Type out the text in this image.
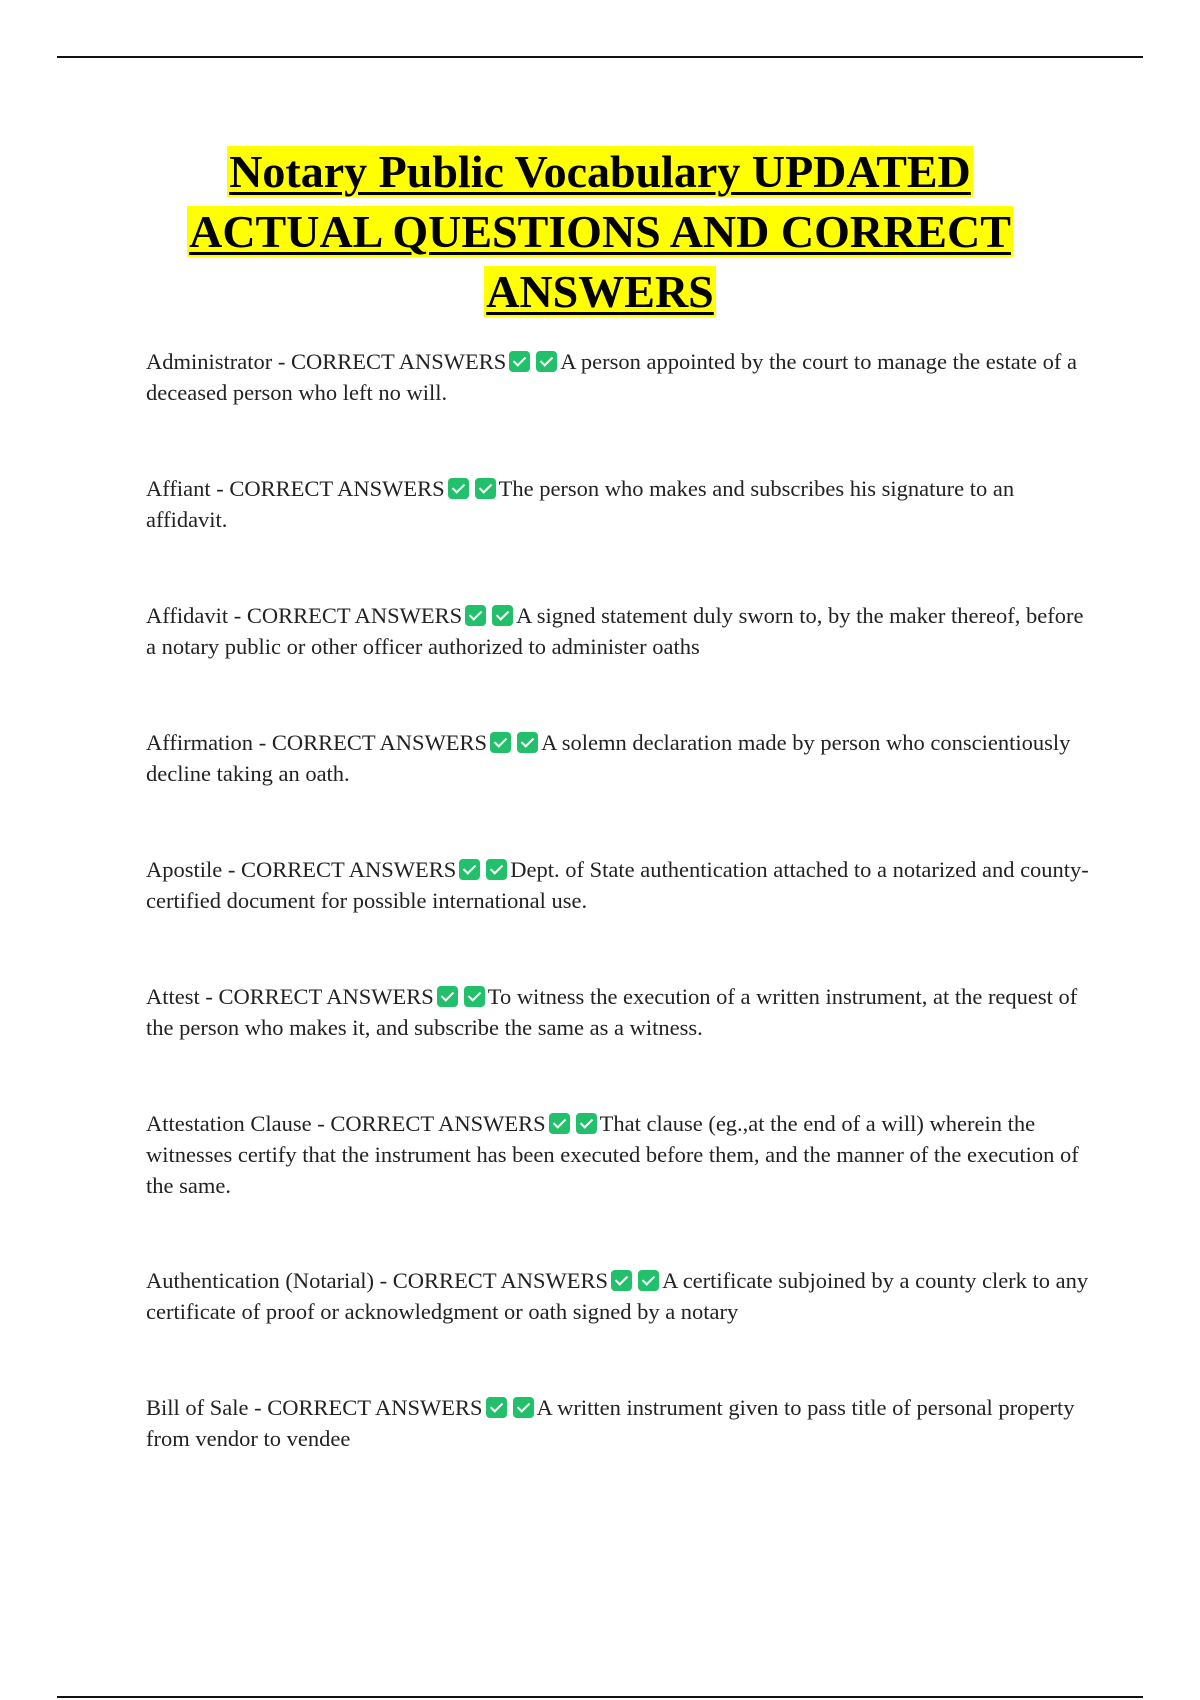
Notary Public Vocabulary UPDATED
ACTUAL QUESTIONS AND CORRECT
ANSWERS
Administrator - CORRECT ANSWERS A person appointed by the court to manage the estate of a deceased person who left no will.
Affiant - CORRECT ANSWERS The person who makes and subscribes his signature to an affidavit.
Affidavit - CORRECT ANSWERS A signed statement duly sworn to, by the maker thereof, before a notary public or other officer authorized to administer oaths
Affirmation - CORRECT ANSWERS A solemn declaration made by person who conscientiously decline taking an oath.
Apostile - CORRECT ANSWERS Dept. of State authentication attached to a notarized and county-certified document for possible international use.
Attest - CORRECT ANSWERS To witness the execution of a written instrument, at the request of the person who makes it, and subscribe the same as a witness.
Attestation Clause - CORRECT ANSWERS That clause (eg.,at the end of a will) wherein the witnesses certify that the instrument has been executed before them, and the manner of the execution of the same.
Authentication (Notarial) - CORRECT ANSWERS A certificate subjoined by a county clerk to any certificate of proof or acknowledgment or oath signed by a notary
Bill of Sale - CORRECT ANSWERS A written instrument given to pass title of personal property from vendor to vendee
